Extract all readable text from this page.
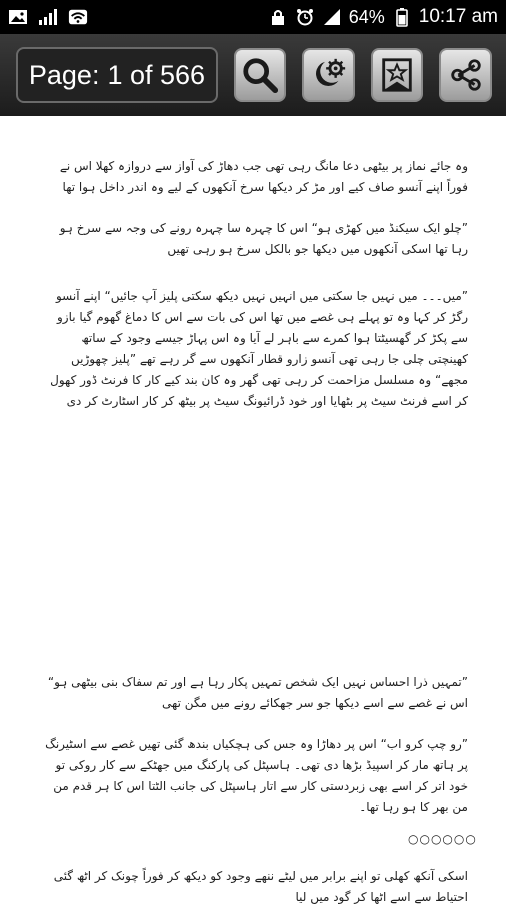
64% 10:17 am
Page: 1 of 566
وہ جائے نماز پر بیٹھی دعا مانگ رہی تھی جب دھاڑ کی آواز سے دروازہ کھلا اس نے فوراً اپنے آنسو صاف کیے اور مڑ کر دیکھا سرخ آنکھوں کے لیے وہ اندر داخل ہوا تھا
”چلو ایک سیکنڈ میں کھڑی ہو“ اس کا چہرہ سا چہرہ رونے کی وجہ سے سرخ ہو رہا تھا اسکی آنکھوں میں دیکھا جو بالکل سرخ ہو رہی تھیں
”میں۔۔۔ میں نہیں جا سکتی میں انہیں نہیں دیکھ سکتی پلیز آپ جائیں“ اپنے آنسو رگڑ کر کہا وہ تو پہلے ہی غصے میں تھا اس کی بات سے اس کا دماغ گھوم گیا بازو سے پکڑ کر گھسیٹتا ہوا کمرے سے باہر لے آیا وہ اس پہاڑ جیسے وجود کے ساتھ کھینچتی چلی جا رہی تھی آنسو زارو قطار آنکھوں سے گر رہے تھے ”پلیز چھوڑیں مجھے“ وہ مسلسل مزاحمت کر رہی تھی گھر وہ کان بند کیے کار کا فرنٹ ڈور کھول کر اسے فرنٹ سیٹ پر بٹھایا اور خود ڈرائیونگ سیٹ پر بیٹھ کر کار اسٹارٹ کر دی
”تمہیں ذرا احساس نہیں ایک شخص تمہیں پکار رہا ہے اور تم سفاک بنی بیٹھی ہو“ اس نے غصے سے اسے دیکھا جو سر جھکائے رونے میں مگن تھی
”رو چپ کرو اب“ اس پر دھاڑا وہ جس کی ہچکیاں بندھ گئی تھیں غصے سے اسٹیرنگ پر ہاتھ مار کر اسپیڈ بڑھا دی تھی۔ ہاسپٹل کی پارکنگ میں جھٹکے سے کار روکی تو خود اتر کر اسے بھی زبردستی کار سے اتار ہاسپٹل کی جانب الٹتا اس کا ہر قدم من من بھر کا ہو رہا تھا۔
○○○○○○
اسکی آنکھ کھلی تو اپنے برابر میں لیٹے ننھے وجود کو دیکھ کر فوراً چونک کر اٹھ گئی احتیاط سے اسے اٹھا کر گود میں لیا
